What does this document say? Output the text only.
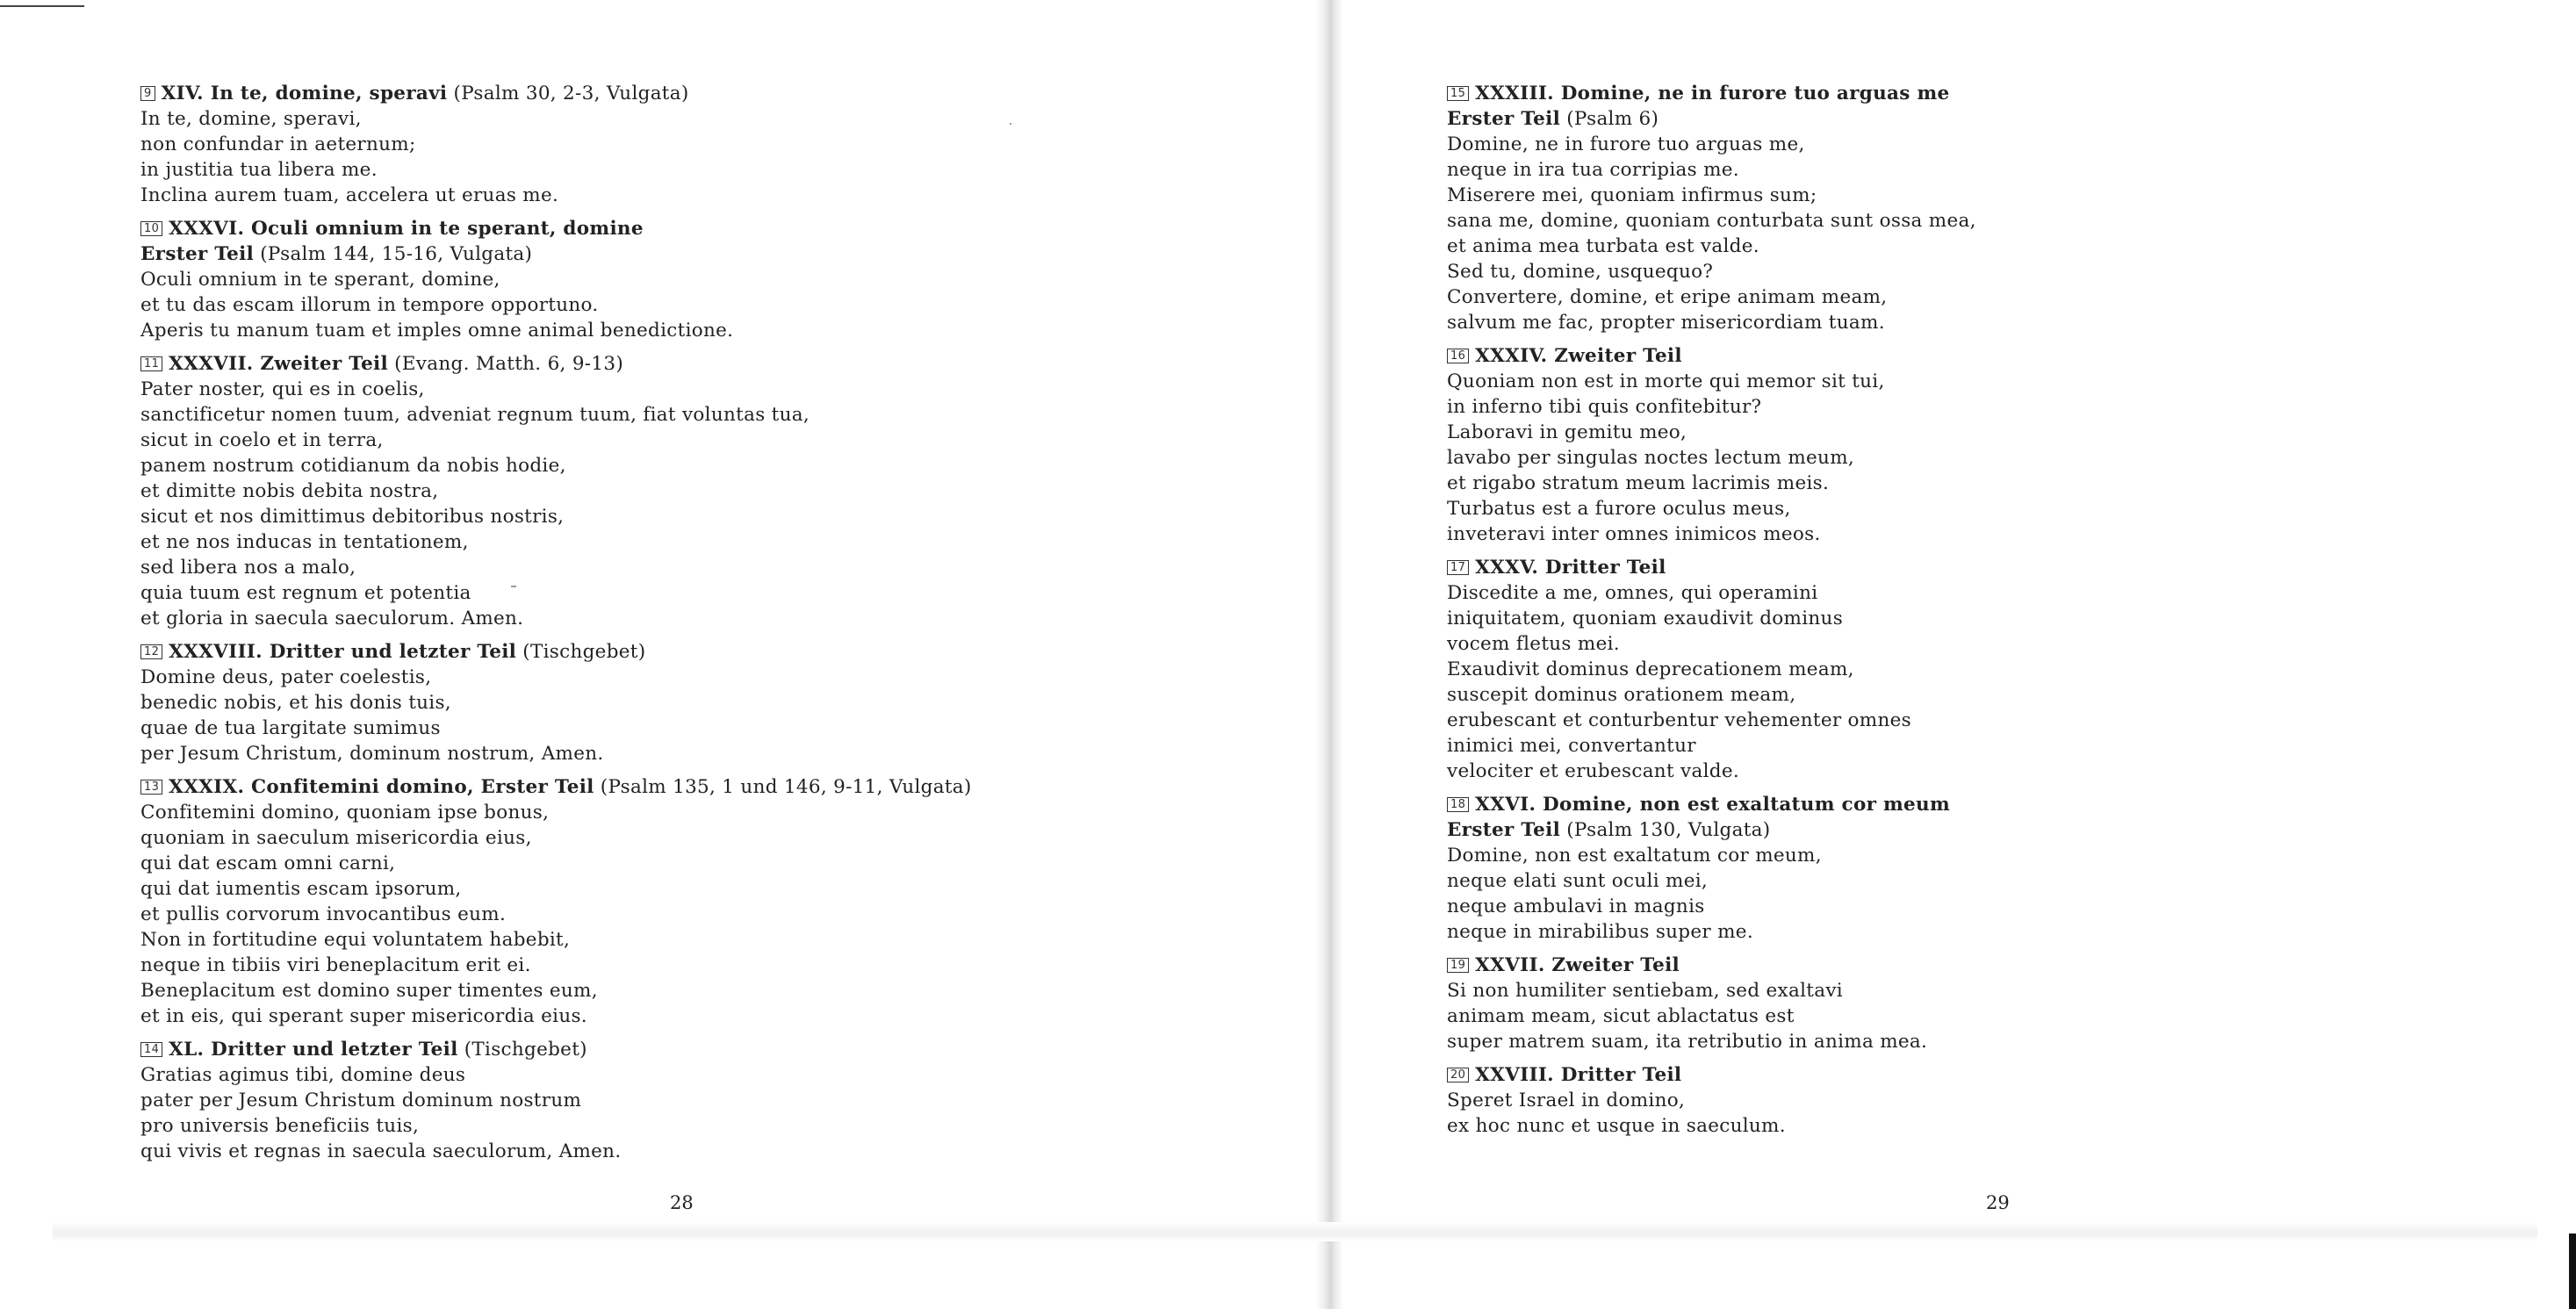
9 XIV. In te, domine, speravi (Psalm 30, 2-3, Vulgata)
In te, domine, speravi,
non confundar in aeternum;
in justitia tua libera me.
Inclina aurem tuam, accelera ut eruas me.
10 XXXVI. Oculi omnium in te sperant, domine
Erster Teil (Psalm 144, 15-16, Vulgata)
Oculi omnium in te sperant, domine,
et tu das escam illorum in tempore opportuno.
Aperis tu manum tuam et imples omne animal benedictione.
11 XXXVII. Zweiter Teil (Evang. Matth. 6, 9-13)
Pater noster, qui es in coelis,
sanctificetur nomen tuum, adveniat regnum tuum, fiat voluntas tua,
sicut in coelo et in terra,
panem nostrum cotidianum da nobis hodie,
et dimitte nobis debita nostra,
sicut et nos dimittimus debitoribus nostris,
et ne nos inducas in tentationem,
sed libera nos a malo,
quia tuum est regnum et potentia
et gloria in saecula saeculorum. Amen.
12 XXXVIII. Dritter und letzter Teil (Tischgebet)
Domine deus, pater coelestis,
benedic nobis, et his donis tuis,
quae de tua largitate sumimus
per Jesum Christum, dominum nostrum, Amen.
13 XXXIX. Confitemini domino, Erster Teil (Psalm 135, 1 und 146, 9-11, Vulgata)
Confitemini domino, quoniam ipse bonus,
quoniam in saeculum misericordia eius,
qui dat escam omni carni,
qui dat iumentis escam ipsorum,
et pullis corvorum invocantibus eum.
Non in fortitudine equi voluntatem habebit,
neque in tibiis viri beneplacitum erit ei.
Beneplacitum est domino super timentes eum,
et in eis, qui sperant super misericordia eius.
14 XL. Dritter und letzter Teil (Tischgebet)
Gratias agimus tibi, domine deus
pater per Jesum Christum dominum nostrum
pro universis beneficiis tuis,
qui vivis et regnas in saecula saeculorum, Amen.
15 XXXIII. Domine, ne in furore tuo arguas me
Erster Teil (Psalm 6)
Domine, ne in furore tuo arguas me,
neque in ira tua corripias me.
Miserere mei, quoniam infirmus sum;
sana me, domine, quoniam conturbata sunt ossa mea,
et anima mea turbata est valde.
Sed tu, domine, usquequo?
Convertere, domine, et eripe animam meam,
salvum me fac, propter misericordiam tuam.
16 XXXIV. Zweiter Teil
Quoniam non est in morte qui memor sit tui,
in inferno tibi quis confitebitur?
Laboravi in gemitu meo,
lavabo per singulas noctes lectum meum,
et rigabo stratum meum lacrimis meis.
Turbatus est a furore oculus meus,
inveteravi inter omnes inimicos meos.
17 XXXV. Dritter Teil
Discedite a me, omnes, qui operamini
iniquitatem, quoniam exaudivit dominus
vocem fletus mei.
Exaudivit dominus deprecationem meam,
suscepit dominus orationem meam,
erubescant et conturbentur vehementer omnes
inimici mei, convertantur
velociter et erubescant valde.
18 XXVI. Domine, non est exaltatum cor meum
Erster Teil (Psalm 130, Vulgata)
Domine, non est exaltatum cor meum,
neque elati sunt oculi mei,
neque ambulavi in magnis
neque in mirabilibus super me.
19 XXVII. Zweiter Teil
Si non humiliter sentiebam, sed exaltavi
animam meam, sicut ablactatus est
super matrem suam, ita retributio in anima mea.
20 XXVIII. Dritter Teil
Speret Israel in domino,
ex hoc nunc et usque in saeculum.
28	29
